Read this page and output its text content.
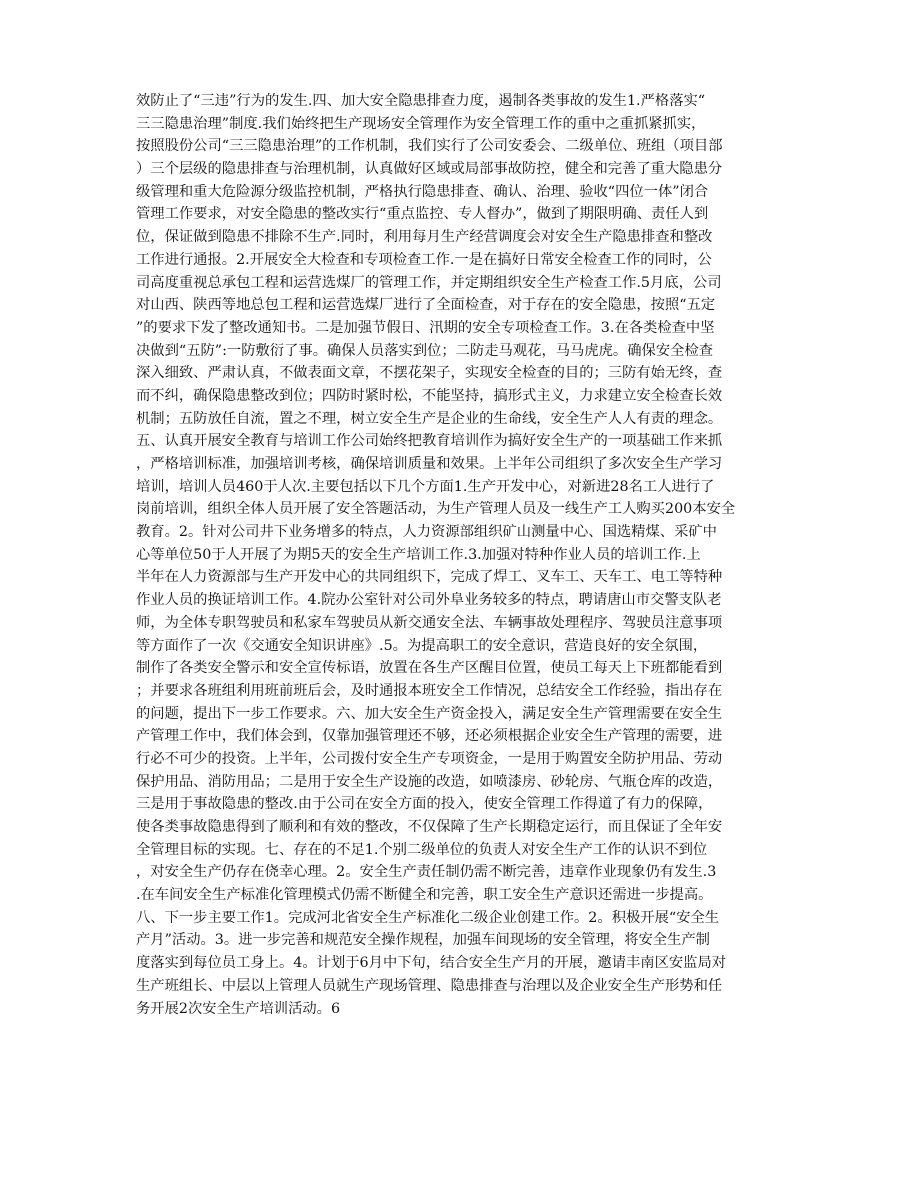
效防止了“三违”行为的发生.四、加大安全隐患排查力度，遏制各类事故的发生1.严格落实“
三三隐患治理”制度.我们始终把生产现场安全管理作为安全管理工作的重中之重抓紧抓实，
按照股份公司“三三隐患治理”的工作机制，我们实行了公司安委会、二级单位、班组（项目部
）三个层级的隐患排查与治理机制，认真做好区域或局部事故防控，健全和完善了重大隐患分
级管理和重大危险源分级监控机制，严格执行隐患排查、确认、治理、验收“四位一体”闭合
管理工作要求，对安全隐患的整改实行“重点监控、专人督办”，做到了期限明确、责任人到
位，保证做到隐患不排除不生产.同时，利用每月生产经营调度会对安全生产隐患排查和整改
工作进行通报。2.开展安全大检查和专项检查工作.一是在搞好日常安全检查工作的同时，公
司高度重视总承包工程和运营选煤厂的管理工作，并定期组织安全生产检查工作.5月底，公司
对山西、陕西等地总包工程和运营选煤厂进行了全面检查，对于存在的安全隐患，按照“五定
”的要求下发了整改通知书。二是加强节假日、汛期的安全专项检查工作。3.在各类检查中坚
决做到“五防”:一防敷衍了事。确保人员落实到位；二防走马观花，马马虎虎。确保安全检查
深入细致、严肃认真，不做表面文章，不摆花架子，实现安全检查的目的；三防有始无终，查
而不纠，确保隐患整改到位；四防时紧时松，不能坚持，搞形式主义，力求建立安全检查长效
机制；五防放任自流，置之不理，树立安全生产是企业的生命线，安全生产人人有责的理念。
五、认真开展安全教育与培训工作公司始终把教育培训作为搞好安全生产的一项基础工作来抓
，严格培训标准，加强培训考核，确保培训质量和效果。上半年公司组织了多次安全生产学习
培训，培训人员460于人次.主要包括以下几个方面1.生产开发中心，对新进28名工人进行了
岗前培训，组织全体人员开展了安全答题活动，为生产管理人员及一线生产工人购买200本安全
教育。2。针对公司井下业务增多的特点，人力资源部组织矿山测量中心、国选精煤、采矿中
心等单位50于人开展了为期5天的安全生产培训工作.3.加强对特种作业人员的培训工作.上
半年在人力资源部与生产开发中心的共同组织下，完成了焊工、叉车工、天车工、电工等特种
作业人员的换证培训工作。4.院办公室针对公司外阜业务较多的特点，聘请唐山市交警支队老
师，为全体专职驾驶员和私家车驾驶员从新交通安全法、车辆事故处理程序、驾驶员注意事项
等方面作了一次《交通安全知识讲座》.5。为提高职工的安全意识，营造良好的安全氛围，
制作了各类安全警示和安全宣传标语，放置在各生产区醒目位置，使员工每天上下班都能看到
；并要求各班组利用班前班后会，及时通报本班安全工作情况，总结安全工作经验，指出存在
的问题，提出下一步工作要求。六、加大安全生产资金投入，满足安全生产管理需要在安全生
产管理工作中，我们体会到，仅靠加强管理还不够，还必须根据企业安全生产管理的需要，进
行必不可少的投资。上半年，公司拨付安全生产专项资金，一是用于购置安全防护用品、劳动
保护用品、消防用品；二是用于安全生产设施的改造，如喷漆房、砂轮房、气瓶仓库的改造，
三是用于事故隐患的整改.由于公司在安全方面的投入，使安全管理工作得道了有力的保障，
使各类事故隐患得到了顺利和有效的整改，不仅保障了生产长期稳定运行，而且保证了全年安
全管理目标的实现。七、存在的不足1.个别二级单位的负责人对安全生产工作的认识不到位
，对安全生产仍存在侥幸心理。2。安全生产责任制仍需不断完善，违章作业现象仍有发生.3
.在车间安全生产标准化管理模式仍需不断健全和完善，职工安全生产意识还需进一步提高。
八、下一步主要工作1。完成河北省安全生产标准化二级企业创建工作。2。积极开展“安全生
产月”活动。3。进一步完善和规范安全操作规程，加强车间现场的安全管理，将安全生产制
度落实到每位员工身上。4。计划于6月中下旬，结合安全生产月的开展，邀请丰南区安监局对
生产班组长、中层以上管理人员就生产现场管理、隐患排查与治理以及企业安全生产形势和任
务开展2次安全生产培训活动。6
